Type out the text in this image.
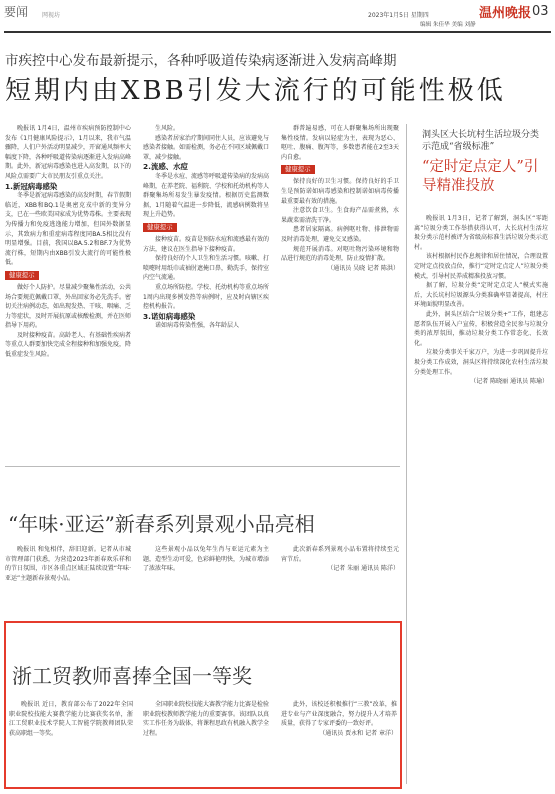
要闻 网视坊	2023年1月5日 星期四
编辑 朱佳华 美编 刘静
温州晚报 03
市疾控中心发布最新提示，各种呼吸道传染病逐渐进入发病高峰期
短期内由XBB引发大流行的可能性极低

晚报讯 1月4日，温州市疾病预防控制中心发布《1月健康风险提示》，1月以来，我市气温骤降，人们户外活动明显减少，开窗通风频率大幅度下降，各种呼吸道传染病逐渐进入发病高峰期。此外，新冠病毒感染也进入高发期，以下的风险点需要广大市民朋友引重点关注。

1.新冠病毒感染

冬季是新冠病毒感染的高发时期，春节假期临近，XBB和BQ.1是奥密克戎中新的变异分支，已在一些欧美国家成为优势毒株。主要表现为传播力和免疫逃逸能力增加，但国外数据显示，其致病力和重症病毒程度同BA.5相比没有明显增强。目前，我国以BA.5.2和BF.7为优势流行株，短期内由XBB引发大流行的可能性极低。

健康提示

做好个人防护。尽量减少聚集性活动，公共场合要规范佩戴口罩，外出回家务必先洗手。密切关注病例动态，如出现发热、干咳、咽痛、乏力等症状，及时开展抗原或核酸检测，并在医师指导下用药。

及时接种疫苗。高龄老人、有基础性疾病者等重点人群要加快完成全程接种和加强免疫，降低重症发生风险。

生风险。

感染者居家治疗期间同住人员，应该避免与感染者接触。如需检测，务必在不同区域佩戴口罩，减少接触。

2.流感、水痘

冬季是水痘、流感等呼吸道传染病的发病高峰期，在养老院、福利院、学校和托幼机构等人群聚集场所易发生暴发疫情。根据历史监测数据，1月随着气温进一步降低，流感病例数将呈现上升趋势。

健康提示

接种疫苗。疫苗是预防水痘和流感最有效的方法，建议在医生指导下接种疫苗。

保持良好的个人卫生和生活习惯。咳嗽、打喷嚏时用纸巾或袖肘遮掩口鼻，勤洗手，保持室内空气流通。

重点场所防控。学校、托幼机构等重点场所1周内出现多例发热等病例时，应及时向辖区疾控机构报告。

3.诺如病毒感染

诺如病毒传染性强，各年龄层人

群普遍易感，可在人群聚集场所出现聚集性疫情。发病以轻症为主，表现为恶心、呕吐、腹痛、腹泻等，多数患者能在2至3天内自愈。

健康提示

保持良好的卫生习惯。保持良好的手卫生是预防诺如病毒感染和控制诺如病毒传播最重要最有效的措施。

注意饮食卫生。生食海产品需煮熟，水果蔬菜需清洗干净。

患者居家隔离。病例呕吐物、排泄物需及时消毒处理，避免交叉感染。

规范开展消毒。对呕吐物污染环境和物品进行规范的消毒处理，防止疫情扩散。

（通讯员 吴晓 记者 陈洪）

洞头区大长坑村生活垃圾分类示范成“省级标准”
“定时定点定人”引导精准投放

晚报讯 1月3日，记者了解到，洞头区“零距离”垃圾分类工作举措获得认可，大长坑村生活垃圾分类示范村被评为省级高标准生活垃圾分类示范村。

该村根据村民作息规律和居住情况，合理设置定时定点投放点位，推行“定时定点定人”垃圾分类模式，引导村民养成精准投放习惯。

据了解，垃圾分类“定时定点定人”模式实施后，大长坑村垃圾源头分类准确率显著提高，村庄环境面貌明显改善。

此外，洞头区结合“垃圾分类+”工作，组建志愿者队伍开展入户宣传，积极营造全民参与垃圾分类的浓厚氛围，推动垃圾分类工作常态化、长效化。

垃圾分类事关千家万户，为进一步巩固提升垃圾分类工作成效，洞头区将持续深化农村生活垃圾分类处理工作。

（记者 陈晓丽 通讯员 陈瑜）

“年味·亚运”新春系列景观小品亮相

晚报讯 和兔相伴，辞旧迎新。记者从市城市管理部门获悉，为营造2023年新春欢乐祥和的节日氛围，市区各重点区域正陆续设置“年味·亚运”主题新春景观小品。

这些景观小品以兔年生肖与亚运元素为主题，造型生动可爱，色彩鲜艳明快，为城市增添了浓浓年味。

此次新春系列景观小品布置将持续至元宵节后。

（记者 朱丽 通讯员 陈洋）

浙工贸教师喜捧全国一等奖

晚报讯 近日，教育部公布了2022年全国职业院校技能大赛教学能力比赛获奖名单，浙江工贸职业技术学院人工智能学院教师团队荣获高职组一等奖。

全国职业院校技能大赛教学能力比赛是检验职业院校教师教学能力的重要赛事。该团队以真实工作任务为载体，将课程思政有机融入教学全过程。

此外，该校还积极推行“三教”改革，推进专业与产业深度融合，努力提升人才培养质量，获得了专家评委的一致好评。

（通讯员 贾永和 记者 章洋）
